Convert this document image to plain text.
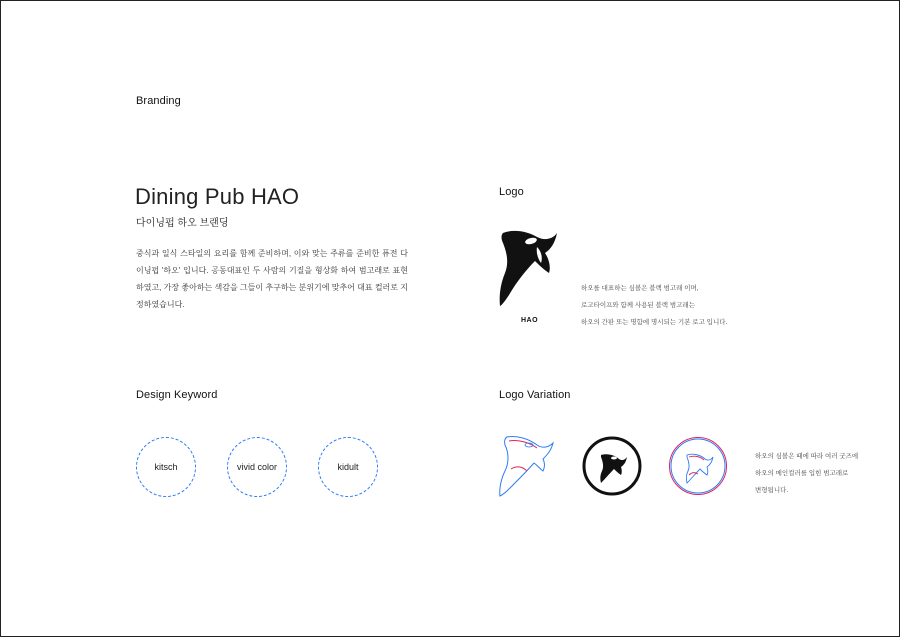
Branding
Dining Pub HAO
다이닝펍 하오 브랜딩
중식과 일식 스타일의 요리를 함께 준비하며, 이와 맞는 주류를 준비한 퓨전 다이닝펍 '하오' 입니다. 공동대표인 두 사람의 기질을 형상화 하여 범고래로 표현하였고, 가장 좋아하는 색감을 그들이 추구하는 분위기에 맞추어 대표 컬러로 지정하였습니다.
Logo
HAO
하오를 대표하는 심볼은 블랙 범고래 이며,
로고타이프와 함께 사용된 블랙 범고래는
하오의 간판 또는 명함에 명시되는 기본 로고 입니다.
Design Keyword
kitsch	vivid color	kidult
Logo Variation
하오의 심볼은 때에 따라 여러 굿즈에
하오의 메인컬러를 입힌 범고래로
변형됩니다.
